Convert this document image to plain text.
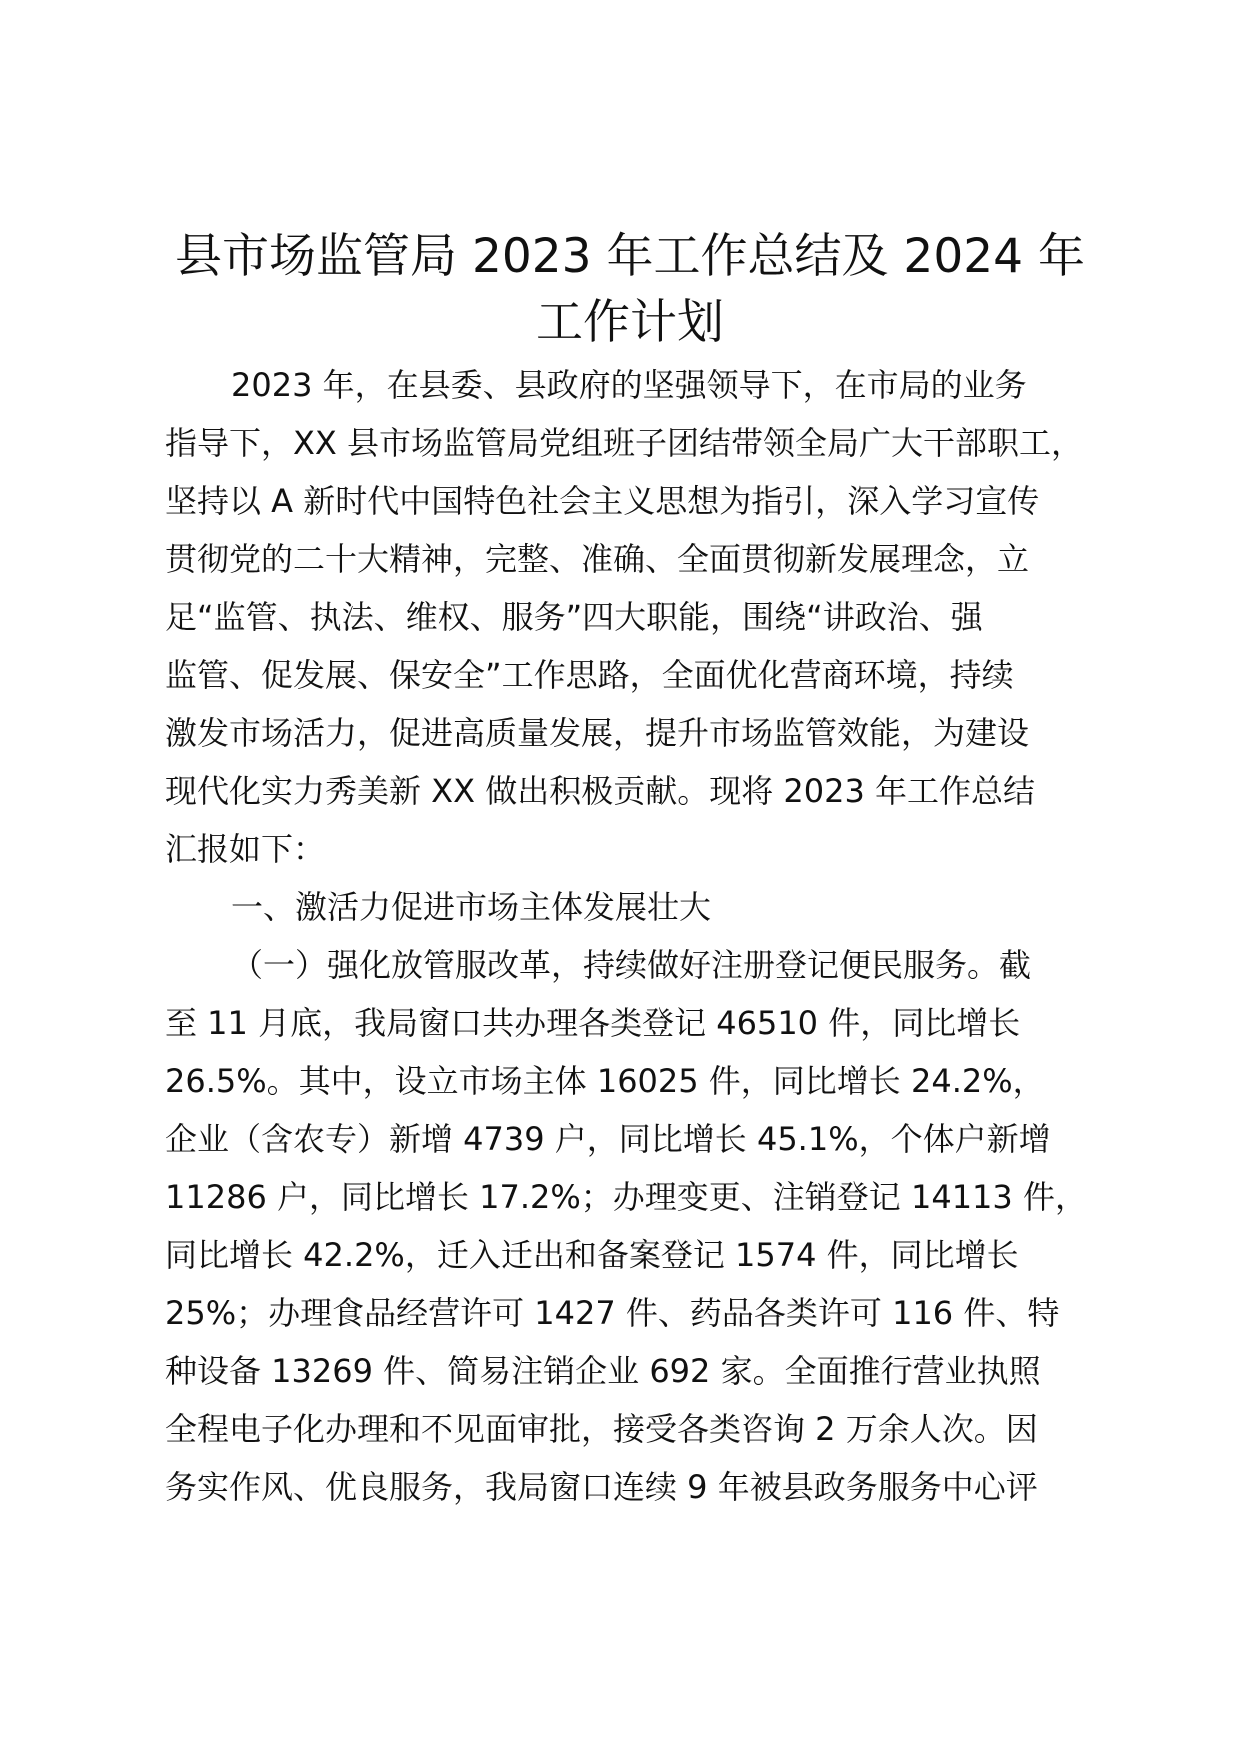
县市场监管局 2023 年工作总结及 2024 年
工作计划
2023 年，在县委、县政府的坚强领导下，在市局的业务
指导下，XX 县市场监管局党组班子团结带领全局广大干部职工，
坚持以 A 新时代中国特色社会主义思想为指引，深入学习宣传
贯彻党的二十大精神，完整、准确、全面贯彻新发展理念，立
足“监管、执法、维权、服务”四大职能，围绕“讲政治、强
监管、促发展、保安全”工作思路，全面优化营商环境，持续
激发市场活力，促进高质量发展，提升市场监管效能，为建设
现代化实力秀美新 XX 做出积极贡献。现将 2023 年工作总结
汇报如下：
一、激活力促进市场主体发展壮大
（一）强化放管服改革，持续做好注册登记便民服务。截
至 11 月底，我局窗口共办理各类登记 46510 件，同比增长
26.5%。其中，设立市场主体 16025 件，同比增长 24.2%，
企业（含农专）新增 4739 户，同比增长 45.1%，个体户新增
11286 户，同比增长 17.2%；办理变更、注销登记 14113 件，
同比增长 42.2%，迁入迁出和备案登记 1574 件，同比增长
25%；办理食品经营许可 1427 件、药品各类许可 116 件、特
种设备 13269 件、简易注销企业 692 家。全面推行营业执照
全程电子化办理和不见面审批，接受各类咨询 2 万余人次。因
务实作风、优良服务，我局窗口连续 9 年被县政务服务中心评
